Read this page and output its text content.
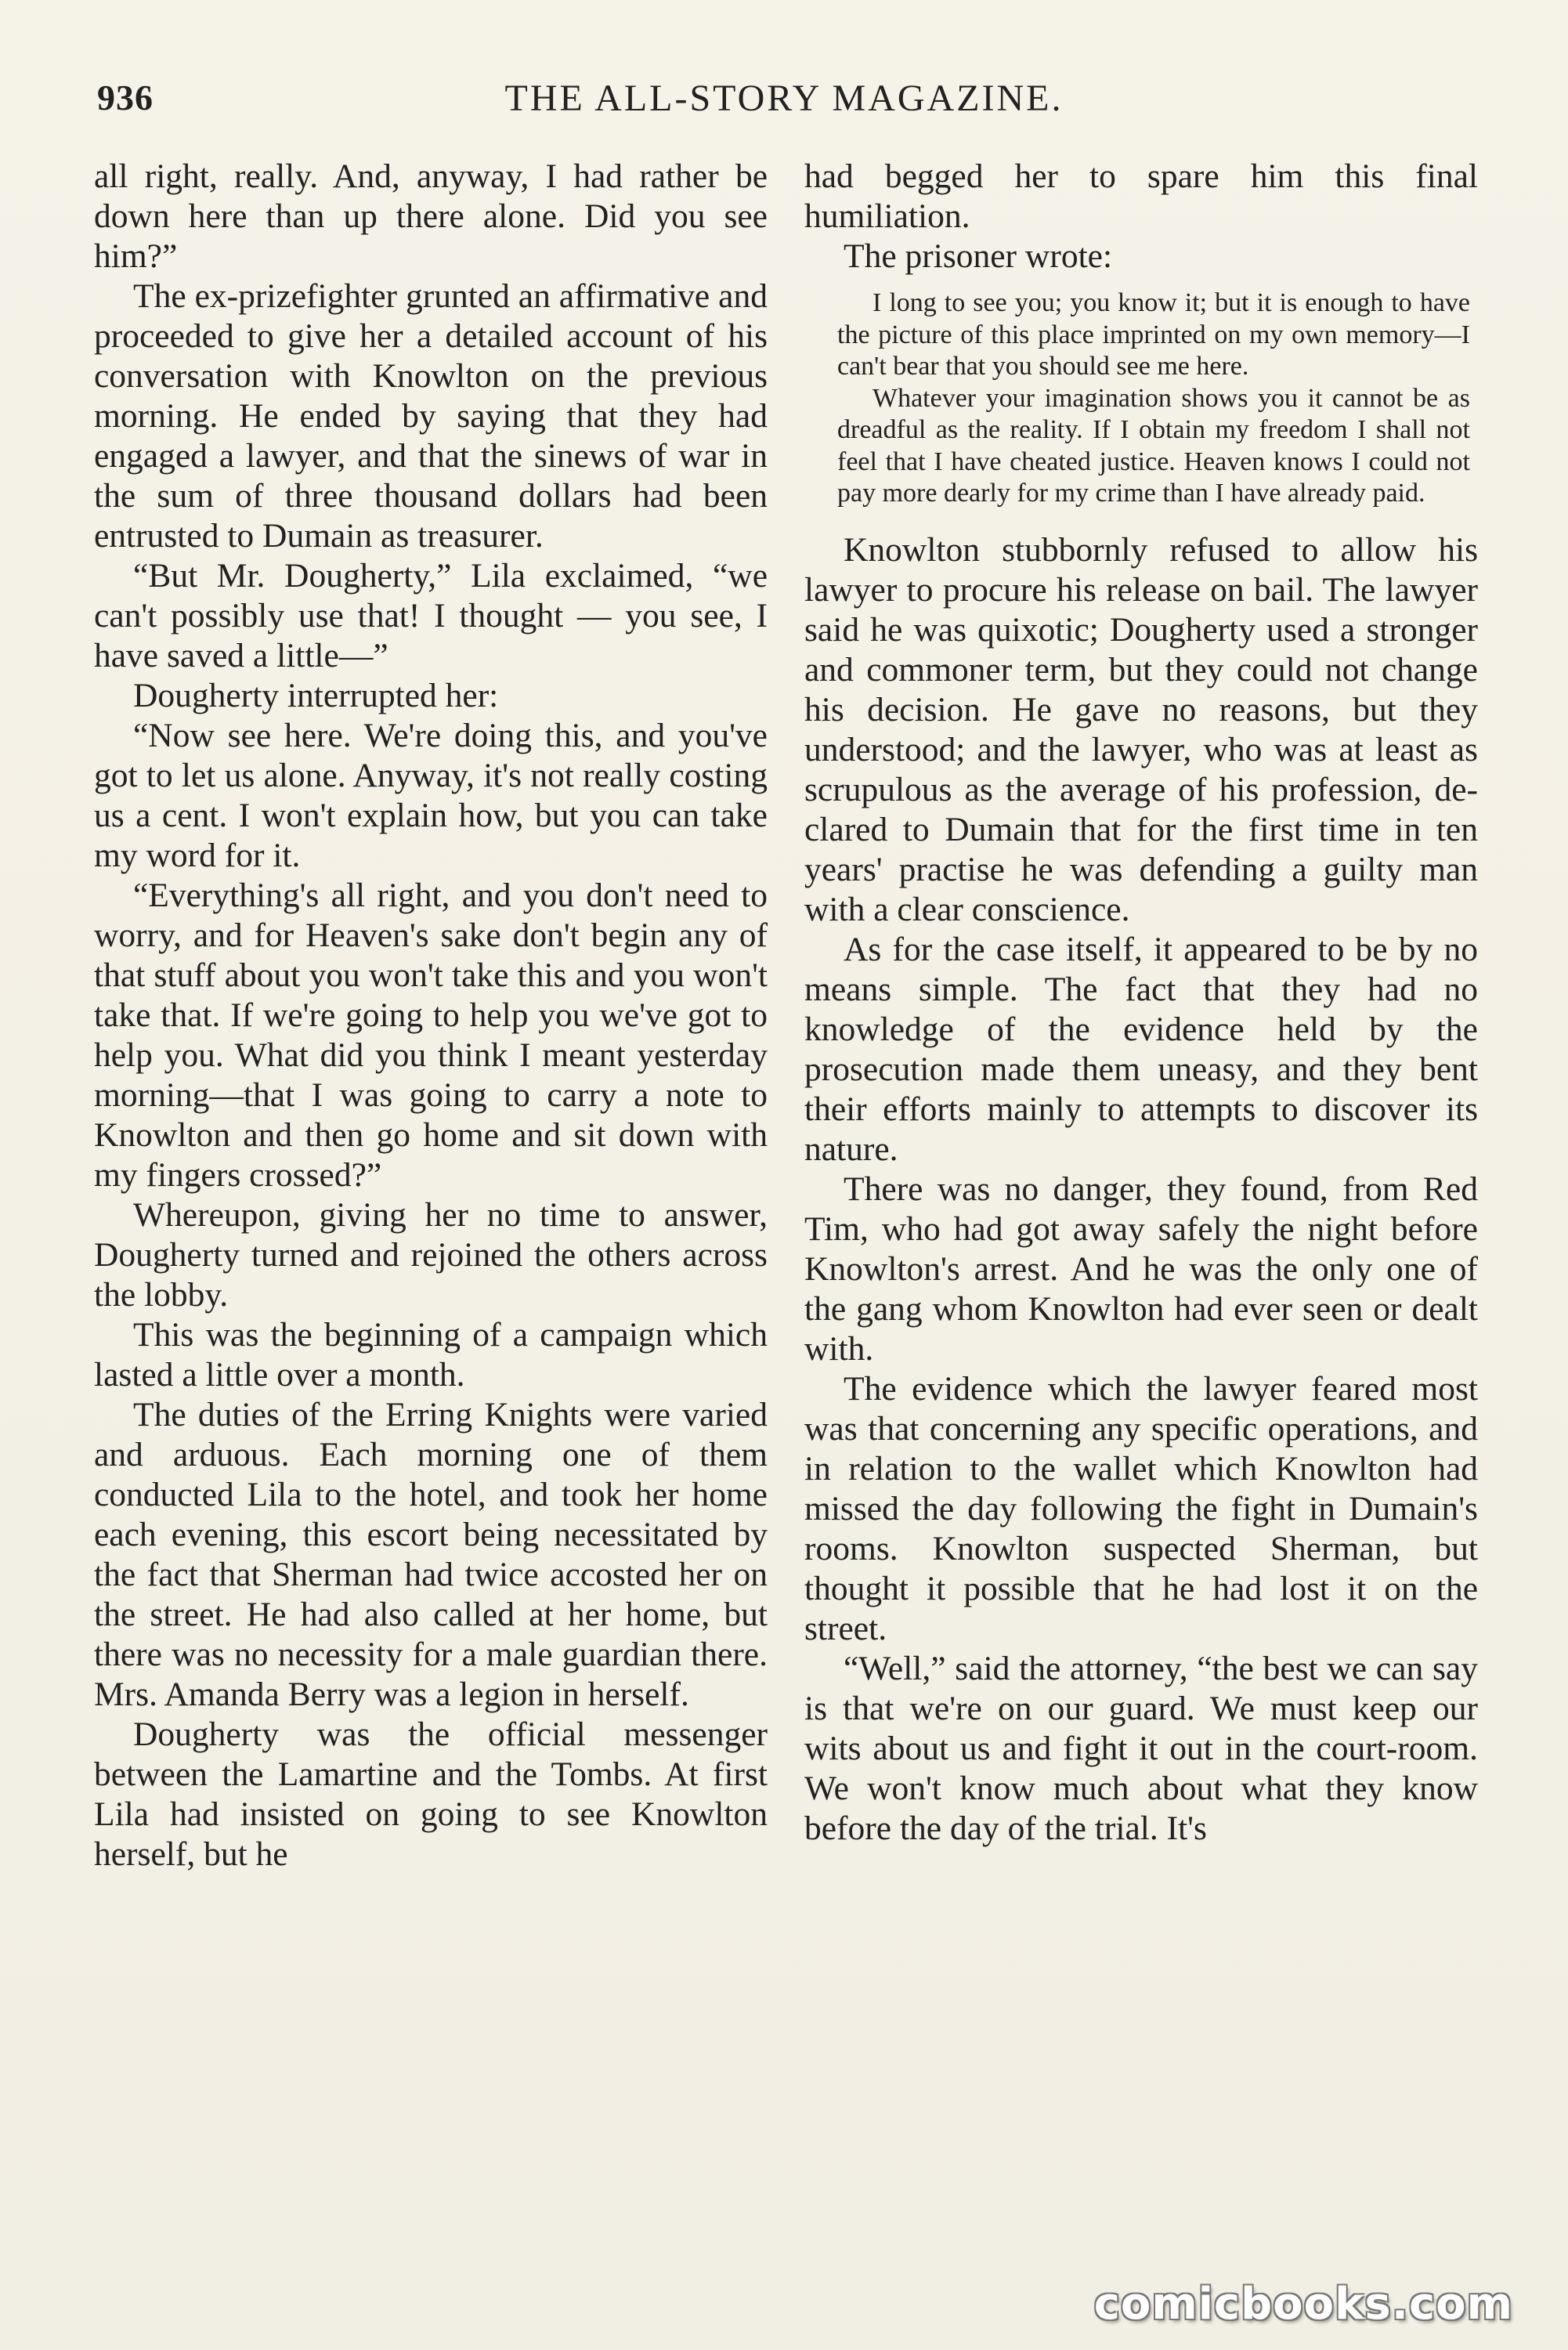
936	THE ALL-STORY MAGAZINE.

all right, really. And, anyway, I had rather be down here than up there alone. Did you see him?”

The ex-prizefighter grunted an affirmative and proceeded to give her a detailed account of his conversation with Knowlton on the previous morning. He ended by saying that they had engaged a lawyer, and that the sinews of war in the sum of three thousand dollars had been entrusted to Dumain as treasurer.

“But Mr. Dougherty,” Lila exclaimed, “we can't possibly use that! I thought — you see, I have saved a little—”

Dougherty interrupted her:

“Now see here. We're doing this, and you've got to let us alone. Anyway, it's not really costing us a cent. I won't explain how, but you can take my word for it.

“Everything's all right, and you don't need to worry, and for Heaven's sake don't begin any of that stuff about you won't take this and you won't take that. If we're going to help you we've got to help you. What did you think I meant yesterday morning—that I was going to carry a note to Knowlton and then go home and sit down with my fingers crossed?”

Whereupon, giving her no time to answer, Dougherty turned and rejoined the others across the lobby.

This was the beginning of a campaign which lasted a little over a month.

The duties of the Erring Knights were varied and arduous. Each morning one of them conducted Lila to the hotel, and took her home each evening, this escort being necessitated by the fact that Sherman had twice accosted her on the street. He had also called at her home, but there was no necessity for a male guardian there. Mrs. Amanda Berry was a legion in herself.

Dougherty was the official messenger between the Lamartine and the Tombs. At first Lila had insisted on going to see Knowlton herself, but he

had begged her to spare him this final humiliation.

The prisoner wrote:

I long to see you; you know it; but it is enough to have the picture of this place imprinted on my own memory—I can't bear that you should see me here.

Whatever your imagination shows you it cannot be as dreadful as the reality. If I obtain my freedom I shall not feel that I have cheated justice. Heaven knows I could not pay more dearly for my crime than I have already paid.

Knowlton stubbornly refused to allow his lawyer to procure his release on bail. The lawyer said he was quixotic; Dougherty used a stronger and commoner term, but they could not change his decision. He gave no reasons, but they understood; and the lawyer, who was at least as scrupulous as the average of his profession, declared to Dumain that for the first time in ten years' practise he was defending a guilty man with a clear conscience.

As for the case itself, it appeared to be by no means simple. The fact that they had no knowledge of the evidence held by the prosecution made them uneasy, and they bent their efforts mainly to attempts to discover its nature.

There was no danger, they found, from Red Tim, who had got away safely the night before Knowlton's arrest. And he was the only one of the gang whom Knowlton had ever seen or dealt with.

The evidence which the lawyer feared most was that concerning any specific operations, and in relation to the wallet which Knowlton had missed the day following the fight in Dumain's rooms. Knowlton suspected Sherman, but thought it possible that he had lost it on the street.

“Well,” said the attorney, “the best we can say is that we're on our guard. We must keep our wits about us and fight it out in the court-room. We won't know much about what they know before the day of the trial. It's

comicbooks.com
